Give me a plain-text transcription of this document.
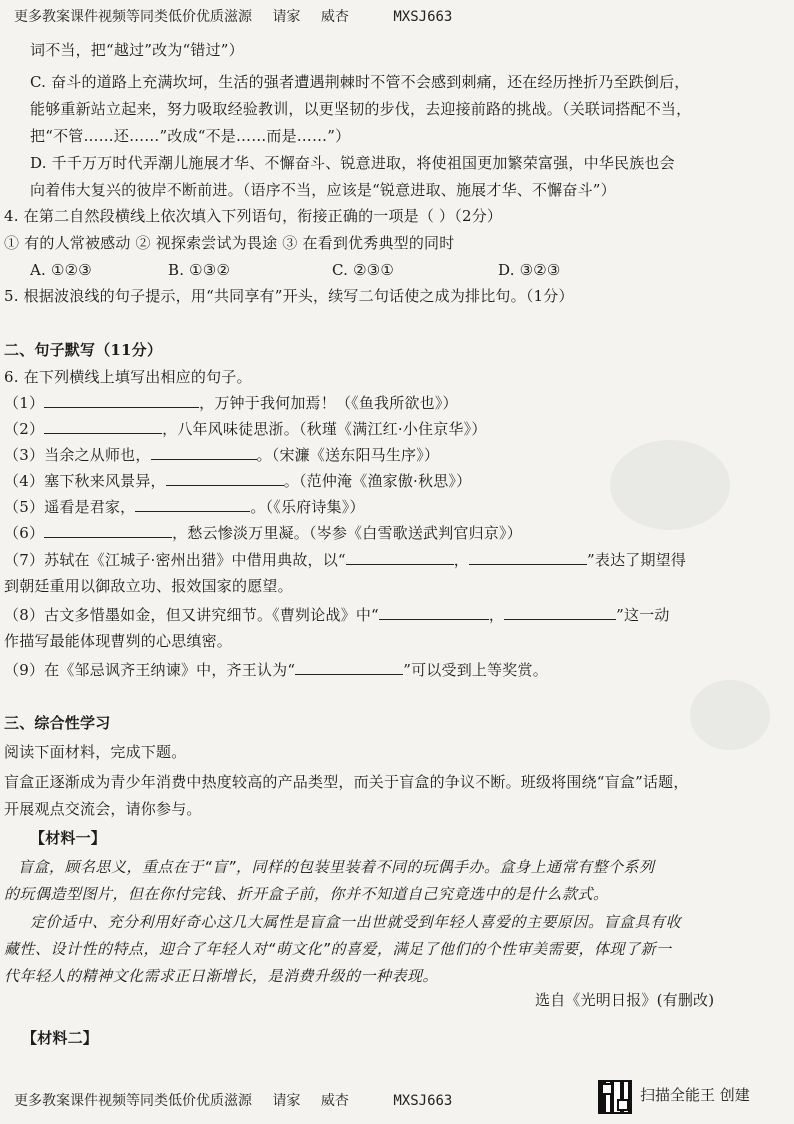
更多教案课件视频等同类低价优质滋源 请家 威杏	MXSJ663
词不当，把“越过”改为“错过”）
C. 奋斗的道路上充满坎坷，生活的强者遭遇荆棘时不管不会感到刺痛，还在经历挫折乃至跌倒后，
能够重新站立起来，努力吸取经验教训，以更坚韧的步伐，去迎接前路的挑战。（关联词搭配不当，
把“不管……还……”改成“不是……而是……”）
D. 千千万万时代弄潮儿施展才华、不懈奋斗、锐意进取，将使祖国更加繁荣富强，中华民族也会
向着伟大复兴的彼岸不断前进。（语序不当，应该是“锐意进取、施展才华、不懈奋斗”）
4. 在第二自然段横线上依次填入下列语句，衔接正确的一项是（ ）（2分）
① 有的人常被感动 ② 视探索尝试为畏途 ③ 在看到优秀典型的同时
A. ①②③	B. ①③②	C. ②③①	D. ③②③
5. 根据波浪线的句子提示，用“共同享有”开头，续写二句话使之成为排比句。（1分）
二、句子默写（11分）
6. 在下列横线上填写出相应的句子。
（1）	，万钟于我何加焉！（《鱼我所欲也》）
（2）	，八年风味徒思浙。（秋瑾《满江红·小住京华》）
（3）当余之从师也，	。（宋濂《送东阳马生序》）
（4）塞下秋来风景异，	。（范仲淹《渔家傲·秋思》）
（5）遥看是君家，	。（《乐府诗集》）
（6）	，愁云惨淡万里凝。（岑参《白雪歌送武判官归京》）
（7）苏轼在《江城子·密州出猎》中借用典故，以“	，	”表达了期望得
到朝廷重用以御敌立功、报效国家的愿望。
（8）古文多惜墨如金，但又讲究细节。《曹刿论战》中“	，	”这一动
作描写最能体现曹刿的心思缜密。
（9）在《邹忌讽齐王纳谏》中，齐王认为“	”可以受到上等奖赏。
三、综合性学习
阅读下面材料，完成下题。
盲盒正逐渐成为青少年消费中热度较高的产品类型，而关于盲盒的争议不断。班级将围绕“盲盒”话题，
开展观点交流会，请你参与。
【材料一】
盲盒，顾名思义，重点在于“盲”，同样的包装里装着不同的玩偶手办。盒身上通常有整个系列
的玩偶造型图片，但在你付完钱、折开盒子前，你并不知道自己究竟选中的是什么款式。
定价适中、充分利用好奇心这几大属性是盲盒一出世就受到年轻人喜爱的主要原因。盲盒具有收
藏性、设计性的特点，迎合了年轻人对“萌文化”的喜爱，满足了他们的个性审美需要，体现了新一
代年轻人的精神文化需求正日渐增长，是消费升级的一种表现。
选自《光明日报》(有删改)
【材料二】
更多教案课件视频等同类低价优质滋源 请家 威杏	MXSJ663	扫描全能王 创建
